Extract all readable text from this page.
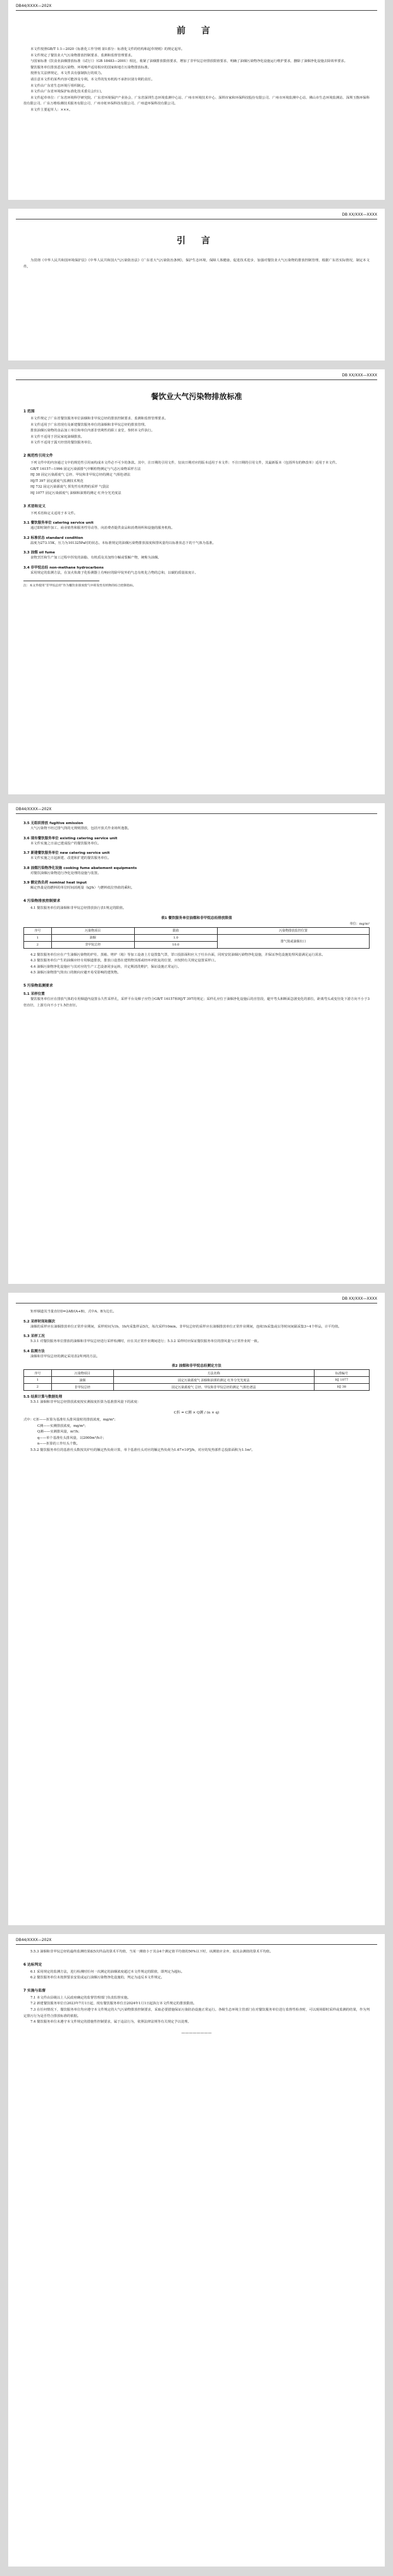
DB44/XXXX—202X
前 言

本文件按照GB/T 1.1—2020《标准化工作导则 第1部分：标准化文件的结构和起草规则》的规定起草。

本文件规定了餐饮业大气污染物排放控制要求、监测和监督管理要求。

与国家标准《饮食业油烟排放标准（试行）》（GB 18483—2001）相比，收紧了油烟排放限值要求，增加了非甲烷总烃排放限值要求，明确了油烟污染物净化设施运行维护要求，删除了油烟净化设施去除效率要求。

餐饮服务单位排放恶臭污染物、环境噪声适用相应的国家和地方污染物排放标准。

按照有关法律规定，本文件具有强制执行的效力。

请注意本文件的某些内容可能涉及专利。本文件的发布机构不承担识别专利的责任。

本文件由广东省生态环境厅组织制定。

本文件由广东省环境保护标准化技术委员会归口。

本文件起草单位：广东省环境科学研究院、广东省环境保护产业协会、广东省深圳生态环境监测中心站、广州市环境技术中心、深圳市家和环保科技股份有限公司、广州市环境监测中心站、佛山市生态环境监测站、深圳玉衡环保科技有限公司、广东万维检测技术服务有限公司、广州市虹环保科技有限公司、广州道环保科技有限公司。

本文件主要起草人：×××。

DB XX/XXX—XXXX
引 言

为贯彻《中华人民共和国环境保护法》《中华人民共和国大气污染防治法》《广东省大气污染防治条例》，保护生态环境，保障人体健康，促进技术进步，加强对餐饮业大气污染物的排放控制管理，根据广东省实际情况，制定本文件。

DB XX/XXX—XXXX
餐饮业大气污染物排放标准
1 范围

本文件规定了广东省餐饮服务单位油烟和非甲烷总烃的排放控制要求、监测和监督管理要求。

本文件适用于广东省现有及新建餐饮服务单位的油烟和非甲烷总烃的排放管理。

排放油烟污染物的食品加工单位和单位内部非营利性的职工食堂，参照本文件执行。

本文件不适用于居民家庭油烟排放。

本文件不适用于露天经营的餐饮服务单位。

2 规范性引用文件

下列文件中的内容通过文中的规范性引用而构成本文件必不可少的条款。其中，注日期的引用文件，仅该日期对应的版本适用于本文件；不注日期的引用文件，其最新版本（包括所有的修改单）适用于本文件。

GB/T 16157—1996 固定污染源排气中颗粒物测定与气态污染物采样方法

HJ 38 固定污染源废气 总烃、甲烷和非甲烷总烃的测定 气相色谱法

HJ/T 397 固定源废气监测技术规范

HJ 732 固定污染源废气 挥发性有机物的采样 气袋法

HJ 1077 固定污染源废气 油烟和油雾的测定 红外分光光度法

3 术语和定义

下列术语和定义适用于本文件。

3.1 餐饮服务单位 catering service unit

通过即时制作加工、商业销售和服务性劳动等，向消费者提供食品和消费场所和设施的服务机构。

3.2 标准状态 standard condition

温度为273.15K，压力为101325Pa时的状态。本标准规定的油烟污染物排放浓度和排风量均以标准状态下的干气体为基准。

3.3 油烟 oil fume

食物烹饪和生产加工过程中挥发的油脂、有机质及其加热分解或裂解产物，统称为油烟。

3.4 非甲烷总烃 non-methane hydrocarbons

采用规定的监测方法，在氢火焰离子化检测器上有响应的除甲烷外的气态有机化合物的总和，以碳的质量浓度计。

注：本文件使用“非甲烷总烃”作为餐饮业排放废气中挥发性有机物的综合控制指标。
DB44/XXXX—202X
3.5 无组织排放 fugitive emission

大气污染物不经过排气筒的无规则排放，包括开放式作业场所逸散。

3.6 现有餐饮服务单位 existing catering service unit

本文件实施之日前已建成投产的餐饮服务单位。

3.7 新建餐饮服务单位 new catering service unit

本文件实施之日起新建、改建和扩建的餐饮服务单位。

3.8 油烟污染物净化设施 cooking fume abatement equipments

对餐饮油烟污染物进行净化处理的设施与装置。

3.9 额定热负荷 nominal heat input

额定热量是指燃料的单位时间消耗量（kJ/h）与燃料低位热值的乘积。

4 污染物排放控制要求

4.1 餐饮服务单位的油烟和非甲烷总烃排放执行表1规定的限值。

表1 餐饮服务单位油烟和非甲烷总烃排放限值
单位：mg/m³
序号	污染物项目	限值	污染物排放监控位置
1	油烟	1.0	排气筒或油烟出口
2	非甲烷总烃	10.0	

4.2 餐饮服务单位应在产生油烟污染物的炉灶、蒸箱、烤炉（箱）等加工设备上方设置集气罩，罩口投影面积应大于灶台台面，同时安装油烟污染物净化设施，并保证净化设施处理风量满足运行需求。

4.3 餐饮服务单位产生的油烟应经专用烟道排放，排放口设置在建筑物顶部或经环评批复的位置，应按照有关规定设置采样口。

4.4 油烟污染物净化设施应与其对应的生产工艺设备同步运转，并定期清洗维护，保证设施正常运行。

4.5 油烟污染物排气筒出口的朝向应避开易受影响的建筑物。

5 污染物监测要求
5.1 采样位置

餐饮服务单位应在排放气体的专用烟道内设置永久性采样孔，采样平台及梯子应符合GB/T 16157和HJ/T 397的规定；采样孔应位于油烟净化设施后的直管段，避开弯头和断面急剧变化的部位，距离弯头或变径处下游方向不小于3倍直径，上游方向不小于1.5倍直径。

DB XX/XXX—XXXX

矩形烟道其当量直径D=2AB/(A+B)，式中A、B为边长。

5.2 采样时间和频次

油烟的采样应在油烟排放单位正常作业期间，采样时间为1h，1h内采集样品5次，每次采样10min。非甲烷总烃的采样应在油烟排放单位正常作业期间，连续1h采集或以等时间间隔采集3~4个样品，计平均值。

5.3 采样工况

5.3.1 对餐饮服务单位排放的油烟和非甲烷总烃进行采样检测时，应在其正常作业期间进行；5.3.2 采样时应保证餐饮服务单位的排风量与正常作业时一致。

5.4 监测方法

油烟和非甲烷总烃的测定采用表2所列的方法。

表2 油烟和非甲烷总烃测定方法
序号	污染物项目	方法名称	标准编号
1	油烟	固定污染源废气 油烟和油雾的测定 红外分光光度法	HJ 1077
2	非甲烷总烃	固定污染源废气 总烃、甲烷和非甲烷总烃的测定 气相色谱法	HJ 38
5.5 结果计算与数据处理

5.5.1 油烟和非甲烷总烃排放浓度按实测浓度折算为基准排风量下的浓度：

C折 = C测 × Q测 / (n × q)

式中：C折——折算为基准灶头排风量时的排放浓度，mg/m³；

C测——实测排放浓度，mg/m³；

Q测——实测排风量，m³/h；

q——单个基准灶头排风量，以2000m³/h计；

n——折算的工作灶头个数。

5.5.2 餐饮服务单位的基准灶头数按其炉灶的额定热负荷计算，单个基准灶头对应的额定热负荷为1.67×10⁸J/h，对应的发热部件总投影面积为1.1m²。

DB44/XXXX—202X

5.5.3 油烟和非甲烷总烃的最终监测结果取5次样品的算术平均值，当某一测值小于其余4个测定值平均值的50%以下时，该测值应舍弃，取其余测值的算术平均值。

6 达标判定

6.1 采用规定的监测方法，进行检测时任何一次测定的油烟浓度超过本文件规定的限值，即判定为超标。

6.2 餐饮服务单位未按照要求安装或运行油烟污染物净化设施的，判定为违反本文件规定。

7 实施与监督

7.1 本文件由县级以上人民政府确定的监督管理部门负责监督实施。

7.2 新建餐饮服务单位自2023年7月1日起，现有餐饮服务单位自2024年1月1日起执行本文件规定的排放限值。

7.3 在任何情况下，餐饮服务单位均应遵守本文件规定的大气污染物排放控制要求，采取必要措施保证污染防治设施正常运行。各级生态环境主管部门在对餐饮服务单位进行监督性检查时，可以现场即时采样或监测的结果，作为判定排污行为是否符合排放标准的依据。

7.4 餐饮服务单位未遵守本文件规定的措施性控制要求，属于违法行为，依照法律法规等有关规定予以处理。

————————
